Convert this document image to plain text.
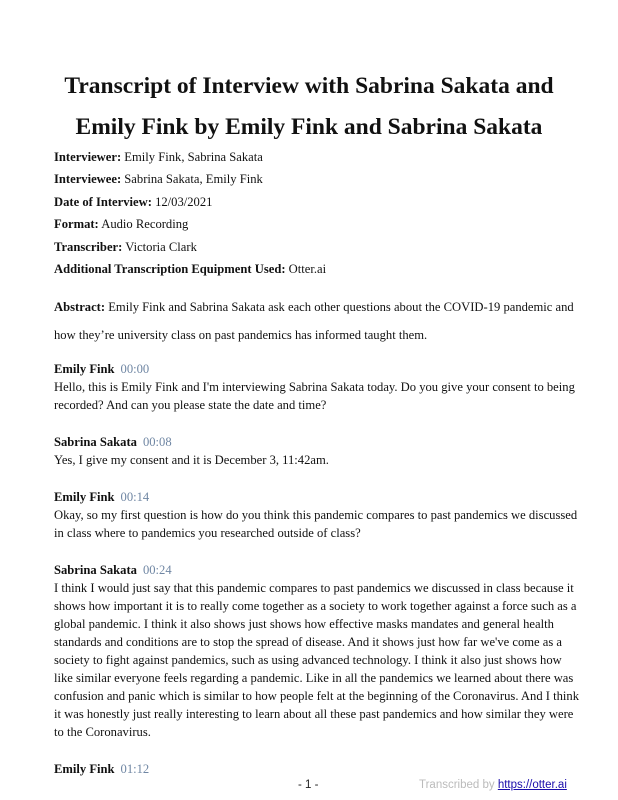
Transcript of Interview with Sabrina Sakata and
Emily Fink by Emily Fink and Sabrina Sakata
Interviewer: Emily Fink, Sabrina Sakata
Interviewee: Sabrina Sakata, Emily Fink
Date of Interview: 12/03/2021
Format: Audio Recording
Transcriber: Victoria Clark
Additional Transcription Equipment Used: Otter.ai
Abstract: Emily Fink and Sabrina Sakata ask each other questions about the COVID-19 pandemic and how they’re university class on past pandemics has informed taught them.
Emily Fink 00:00
Hello, this is Emily Fink and I'm interviewing Sabrina Sakata today. Do you give your consent to being
recorded? And can you please state the date and time?
Sabrina Sakata 00:08
Yes, I give my consent and it is December 3, 11:42am.
Emily Fink 00:14
Okay, so my first question is how do you think this pandemic compares to past pandemics we discussed
in class where to pandemics you researched outside of class?
Sabrina Sakata 00:24
I think I would just say that this pandemic compares to past pandemics we discussed in class because it
shows how important it is to really come together as a society to work together against a force such as a
global pandemic. I think it also shows just shows how effective masks mandates and general health
standards and conditions are to stop the spread of disease. And it shows just how far we've come as a
society to fight against pandemics, such as using advanced technology. I think it also just shows how
like similar everyone feels regarding a pandemic. Like in all the pandemics we learned about there was
confusion and panic which is similar to how people felt at the beginning of the Coronavirus. And I think
it was honestly just really interesting to learn about all these past pandemics and how similar they were
to the Coronavirus.
Emily Fink 01:12
- 1 -	Transcribed by https://otter.ai
